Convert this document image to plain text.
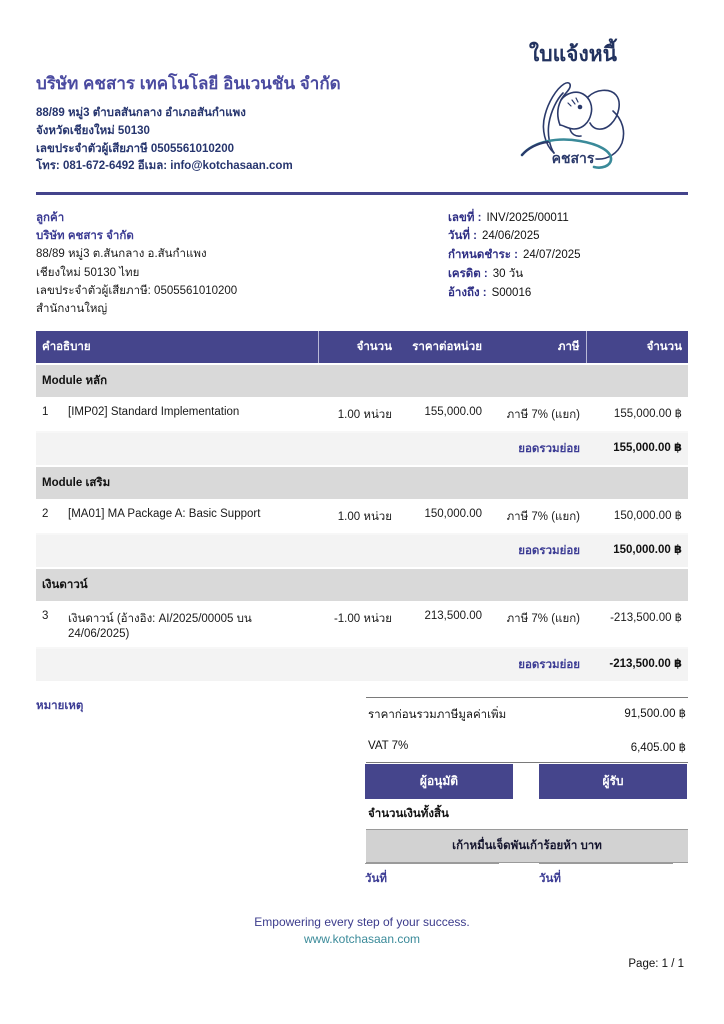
บริษัท คชสาร เทคโนโลยี อินเวนชัน จำกัด
88/89 หมู่3 ตำบลสันกลาง อำเภอสันกำแพง
จังหวัดเชียงใหม่ 50130
เลขประจำตัวผู้เสียภาษี 0505561010200
โทร: 081-672-6492 อีเมล: info@kotchasaan.com
ใบแจ้งหนี้
คชสาร
ลูกค้า
บริษัท คชสาร จำกัด
88/89 หมู่3 ต.สันกลาง อ.สันกำแพง
เชียงใหม่ 50130 ไทย
เลขประจำตัวผู้เสียภาษี: 0505561010200
สำนักงานใหญ่
เลขที่ : INV/2025/00011
วันที่ : 24/06/2025
กำหนดชำระ : 24/07/2025
เครดิต : 30 วัน
อ้างถึง : S00016
คำอธิบาย		จำนวน	ราคาต่อหน่วย	ภาษี	จำนวน
Module หลัก					
1	[IMP02] Standard Implementation	1.00 หน่วย	155,000.00	ภาษี 7% (แยก)	155,000.00 ฿
				ยอดรวมย่อย	155,000.00 ฿
Module เสริม					
2	[MA01] MA Package A: Basic Support	1.00 หน่วย	150,000.00	ภาษี 7% (แยก)	150,000.00 ฿
				ยอดรวมย่อย	150,000.00 ฿
เงินดาวน์					
3	เงินดาวน์ (อ้างอิง: AI/2025/00005 บน 24/06/2025)	-1.00 หน่วย	213,500.00	ภาษี 7% (แยก)	-213,500.00 ฿
				ยอดรวมย่อย	-213,500.00 ฿
หมายเหตุ
ราคาก่อนรวมภาษีมูลค่าเพิ่ม	91,500.00 ฿
VAT 7%	6,405.00 ฿
จำนวนเงินทั้งสิ้น
เก้าหมื่นเจ็ดพันเก้าร้อยห้า บาท
ผู้อนุมัติ	ผู้รับ
วันที่	วันที่
Empowering every step of your success.
www.kotchasaan.com
Page: 1 / 1
